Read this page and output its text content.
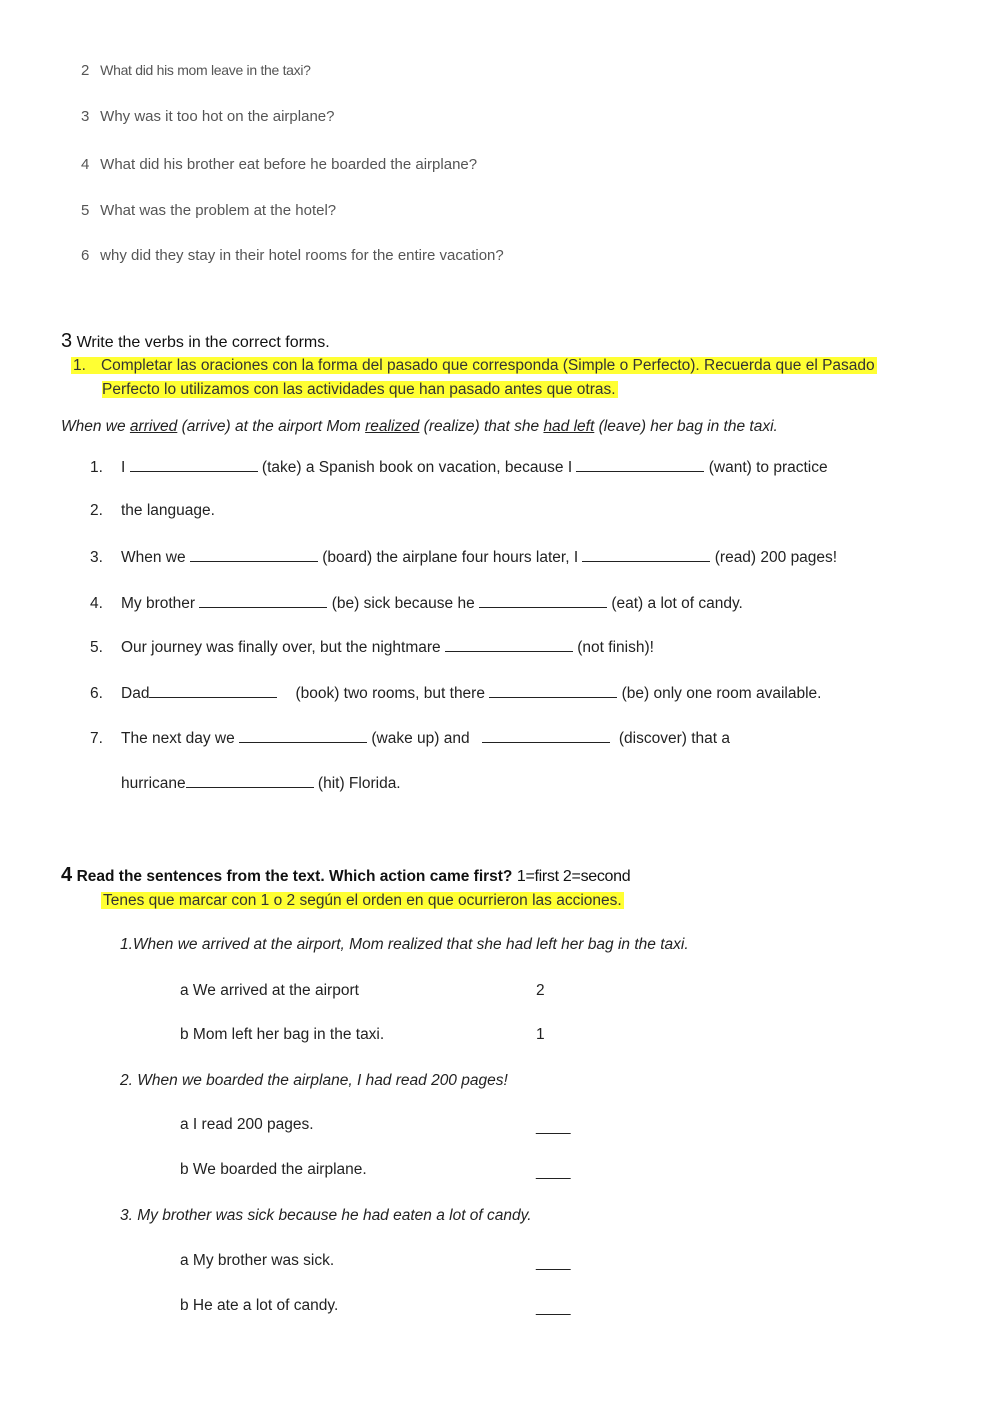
2 What did his mom leave in the taxi?
3 Why was it too hot on the airplane?
4 What did his brother eat before he boarded the airplane?
5 What was the problem at the hotel?
6 why did they stay in their hotel rooms for the entire vacation?
3 Write the verbs in the correct forms.
1. Completar las oraciones con la forma del pasado que corresponda (Simple o Perfecto). Recuerda que el Pasado
Perfecto lo utilizamos con las actividades que han pasado antes que otras.
When we arrived (arrive) at the airport Mom realized (realize) that she had left (leave) her bag in the taxi.
1. I	(take) a Spanish book on vacation, because I	(want) to practice
2. the language.
3. When we	(board) the airplane four hours later, I	(read) 200 pages!
4. My brother	(be) sick because he	(eat) a lot of candy.
5. Our journey was finally over, but the nightmare	(not finish)!
6. Dad	(book) two rooms, but there	(be) only one room available.
7. The next day we	(wake up) and	(discover) that a
hurricane	(hit) Florida.
4 Read the sentences from the text. Which action came first? 1=first 2=second
Tenes que marcar con 1 o 2 según el orden en que ocurrieron las acciones.
1.When we arrived at the airport, Mom realized that she had left her bag in the taxi.
a We arrived at the airport	2
b Mom left her bag in the taxi.	1
2. When we boarded the airplane, I had read 200 pages!
a I read 200 pages.	____
b We boarded the airplane.	____
3. My brother was sick because he had eaten a lot of candy.
a My brother was sick.	____
b He ate a lot of candy.	____
